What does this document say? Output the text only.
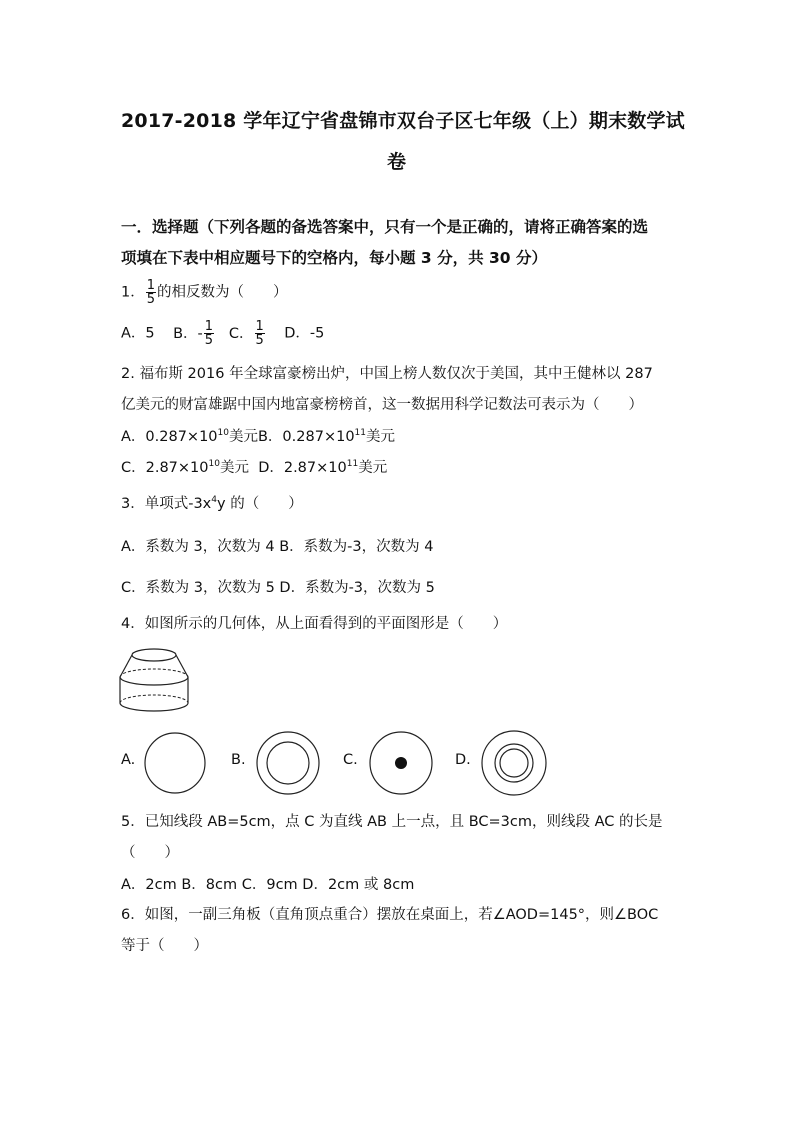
2017-2018 学年辽宁省盘锦市双台子区七年级（上）期末数学试
卷
一．选择题（下列各题的备选答案中，只有一个是正确的，请将正确答案的选
项填在下表中相应题号下的空格内，每小题 3 分，共 30 分）
1． $\frac{1}{5}$ 的相反数为（　　）
A．5 B．- $\frac{1}{5}$ C． $\frac{1}{5}$ D．-5
2. 福布斯 2016 年全球富豪榜出炉，中国上榜人数仅次于美国，其中王健林以 287
亿美元的财富雄踞中国内地富豪榜榜首，这一数据用科学记数法可表示为（　　）
A．$0.287\times 10^{10}$美元B．$0.287\times 10^{11}$美元
C．$2.87\times 10^{10}$美元 D．$2.87\times 10^{11}$美元
3．单项式$-3x^4y$ 的（　　）
A．系数为 3，次数为 4 B．系数为-3，次数为 4
C．系数为 3，次数为 5 D．系数为-3，次数为 5
4．如图所示的几何体，从上面看得到的平面图形是（　　）
A.	B.	C.	D.
5．已知线段 AB=5cm，点 C 为直线 AB 上一点，且 BC=3cm，则线段 AC 的长是
（　　）
A．2cm B．8cm C．9cm D．2cm 或 8cm
6．如图，一副三角板（直角顶点重合）摆放在桌面上，若∠AOD=145°，则∠BOC
等于（　　）
